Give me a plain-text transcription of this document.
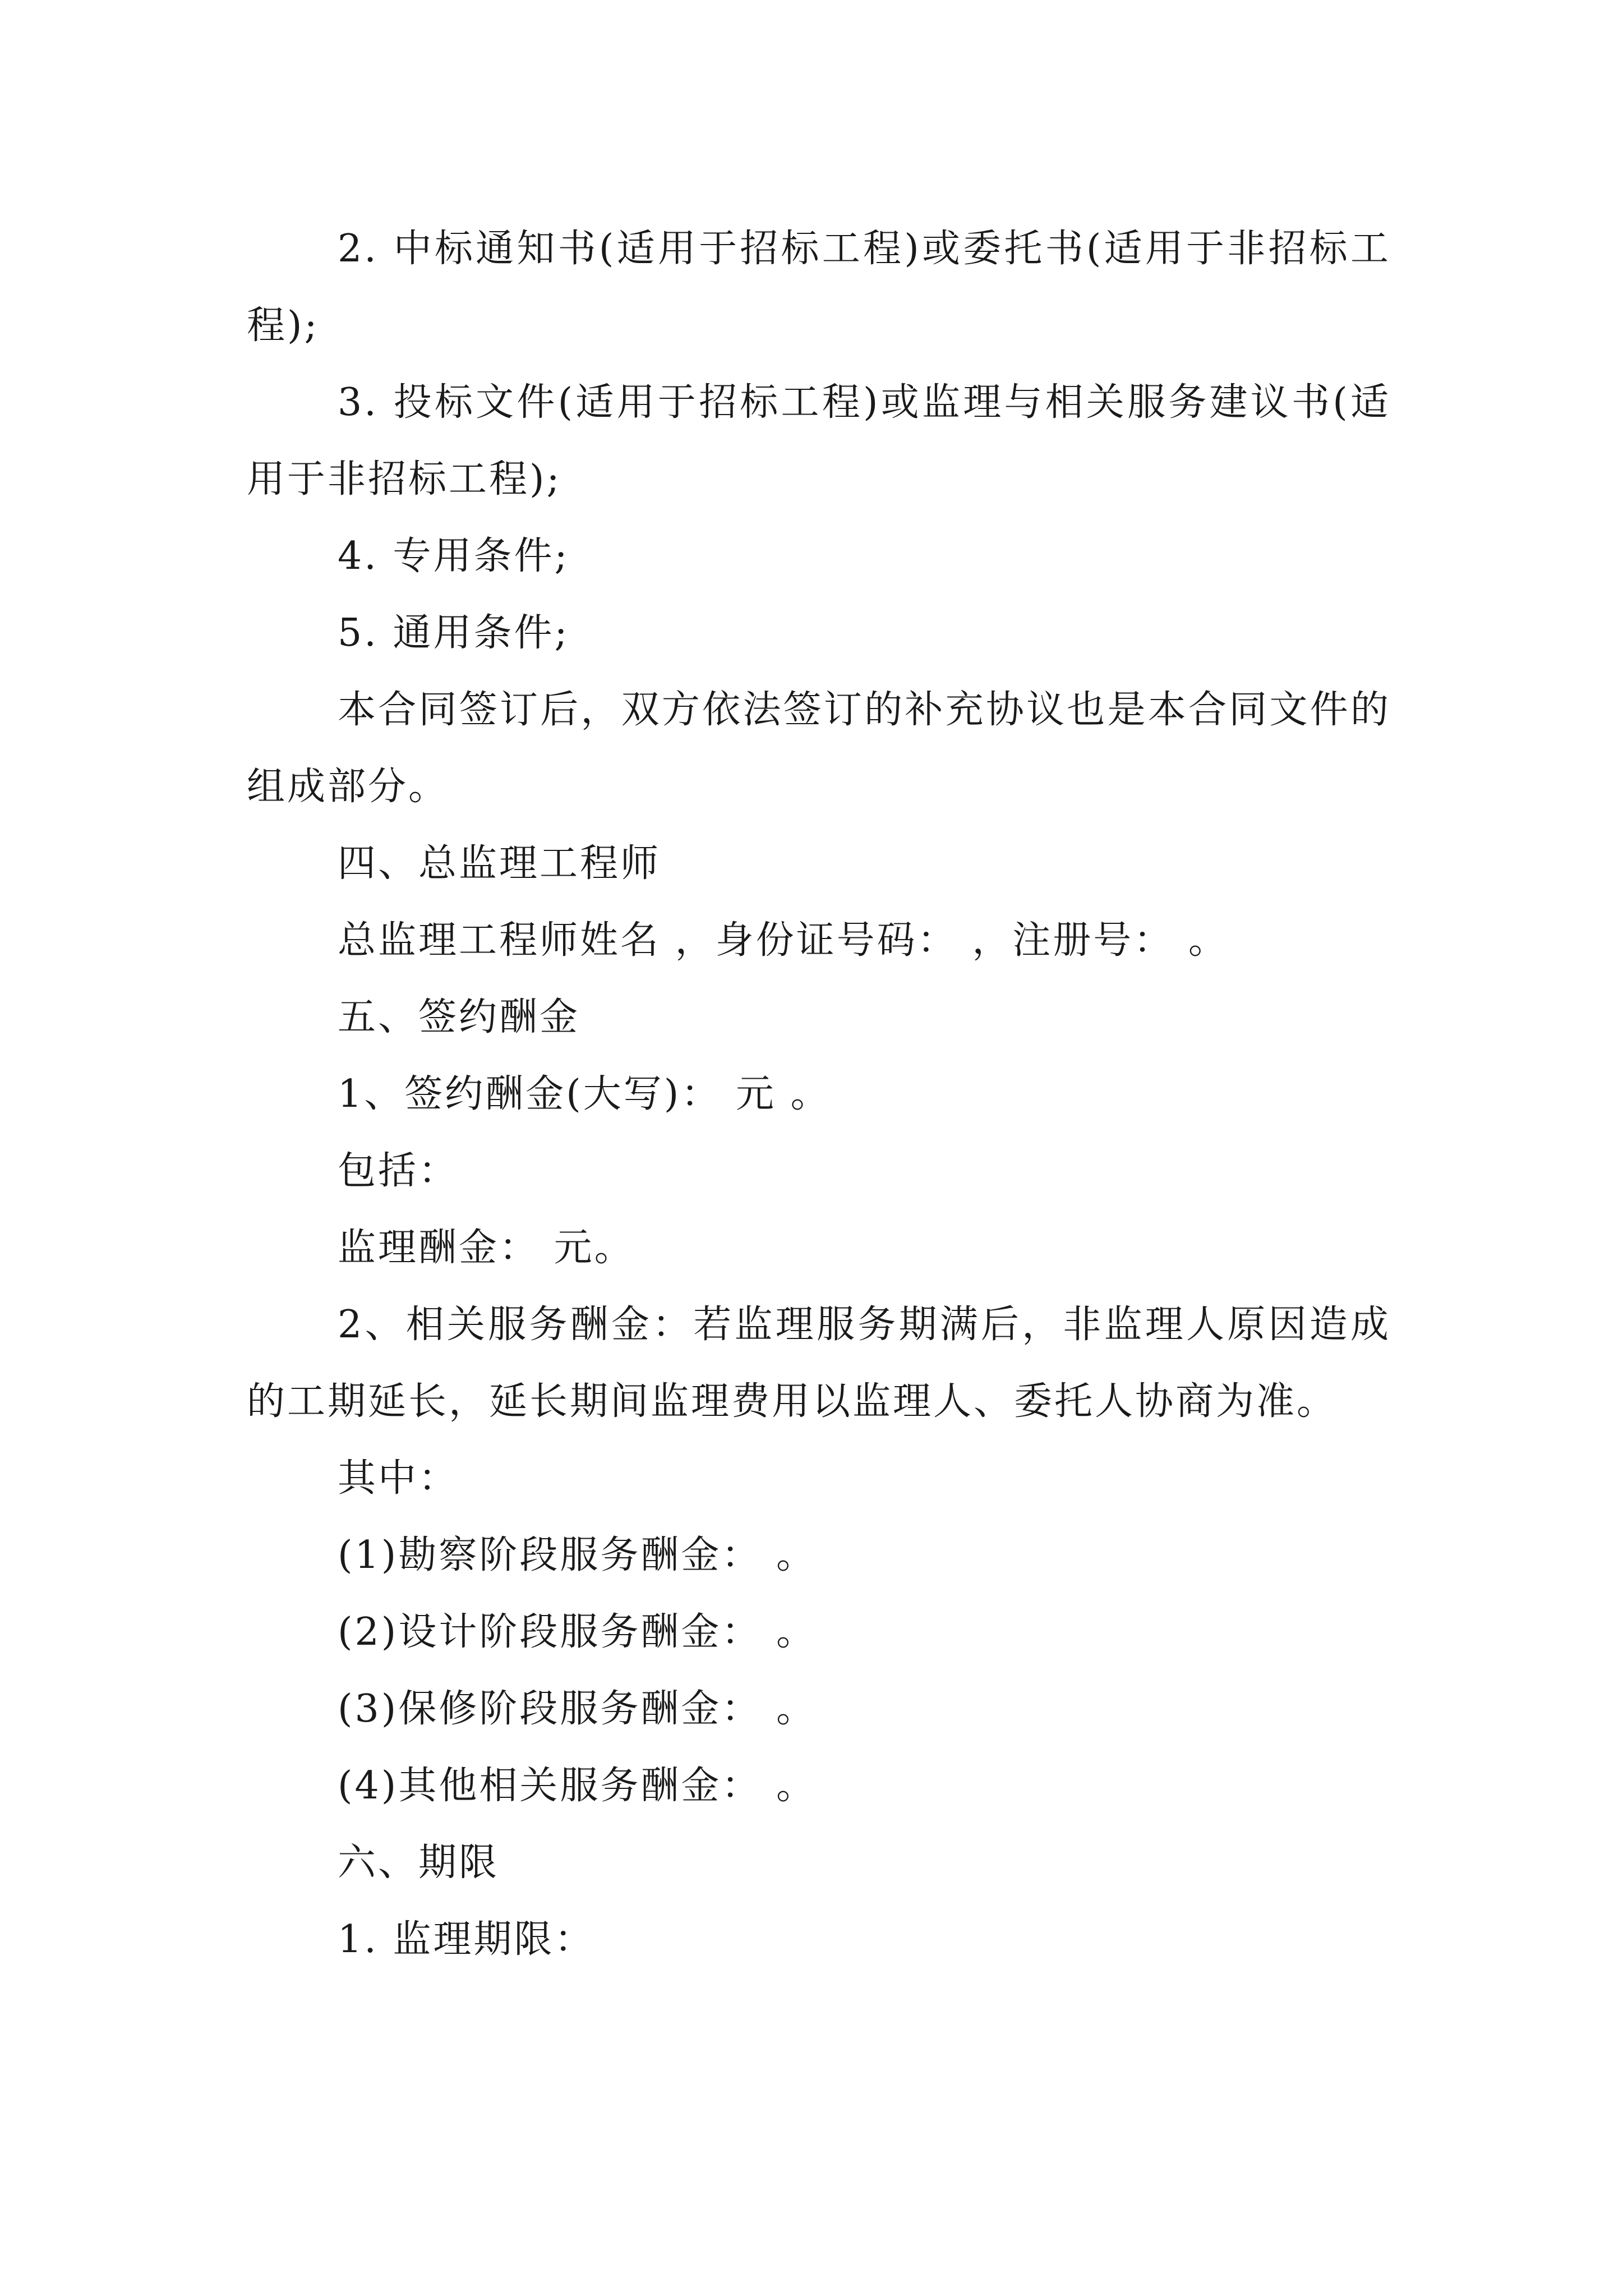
2. 中标通知书(适用于招标工程)或委托书(适用于非招标工程);

3. 投标文件(适用于招标工程)或监理与相关服务建议书(适用于非招标工程);

4. 专用条件;

5. 通用条件;

本合同签订后，双方依法签订的补充协议也是本合同文件的组成部分。

四、总监理工程师

总监理工程师姓名 ，身份证号码： ，注册号： 。

五、签约酬金

1、签约酬金(大写)： 元 。

包括：

监理酬金： 元。

2、相关服务酬金：若监理服务期满后，非监理人原因造成的工期延长，延长期间监理费用以监理人、委托人协商为准。

其中：

(1)勘察阶段服务酬金： 。

(2)设计阶段服务酬金： 。

(3)保修阶段服务酬金： 。

(4)其他相关服务酬金： 。

六、期限

1. 监理期限：
